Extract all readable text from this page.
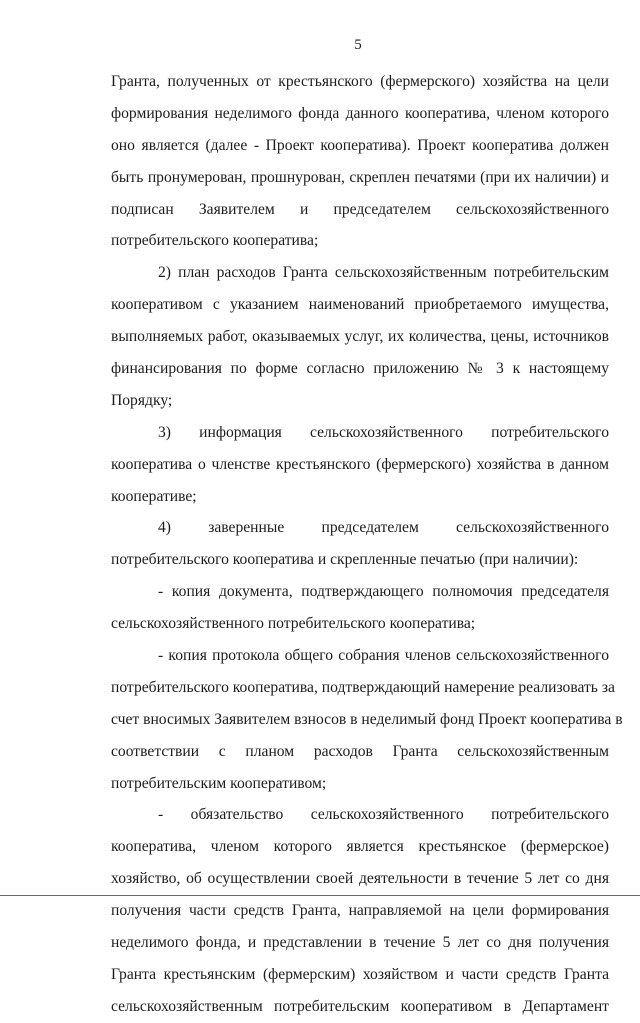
5
Гранта, полученных от крестьянского (фермерского) хозяйства на цели
формирования неделимого фонда данного кооператива, членом которого
оно является (далее - Проект кооператива). Проект кооператива должен
быть пронумерован, прошнурован, скреплен печатями (при их наличии) и
подписан Заявителем и председателем сельскохозяйственного
потребительского кооператива;
2) план расходов Гранта сельскохозяйственным потребительским
кооперативом с указанием наименований приобретаемого имущества,
выполняемых работ, оказываемых услуг, их количества, цены, источников
финансирования по форме согласно приложению № 3 к настоящему
Порядку;
3) информация сельскохозяйственного потребительского
кооператива о членстве крестьянского (фермерского) хозяйства в данном
кооперативе;
4) заверенные председателем сельскохозяйственного
потребительского кооператива и скрепленные печатью (при наличии):
- копия документа, подтверждающего полномочия председателя
сельскохозяйственного потребительского кооператива;
- копия протокола общего собрания членов сельскохозяйственного
потребительского кооператива, подтверждающий намерение реализовать за
счет вносимых Заявителем взносов в неделимый фонд Проект кооператива в
соответствии с планом расходов Гранта сельскохозяйственным
потребительским кооперативом;
- обязательство сельскохозяйственного потребительского
кооператива, членом которого является крестьянское (фермерское)
хозяйство, об осуществлении своей деятельности в течение 5 лет со дня
получения части средств Гранта, направляемой на цели формирования
неделимого фонда, и представлении в течение 5 лет со дня получения
Гранта крестьянским (фермерским) хозяйством и части средств Гранта
сельскохозяйственным потребительским кооперативом в Департамент
